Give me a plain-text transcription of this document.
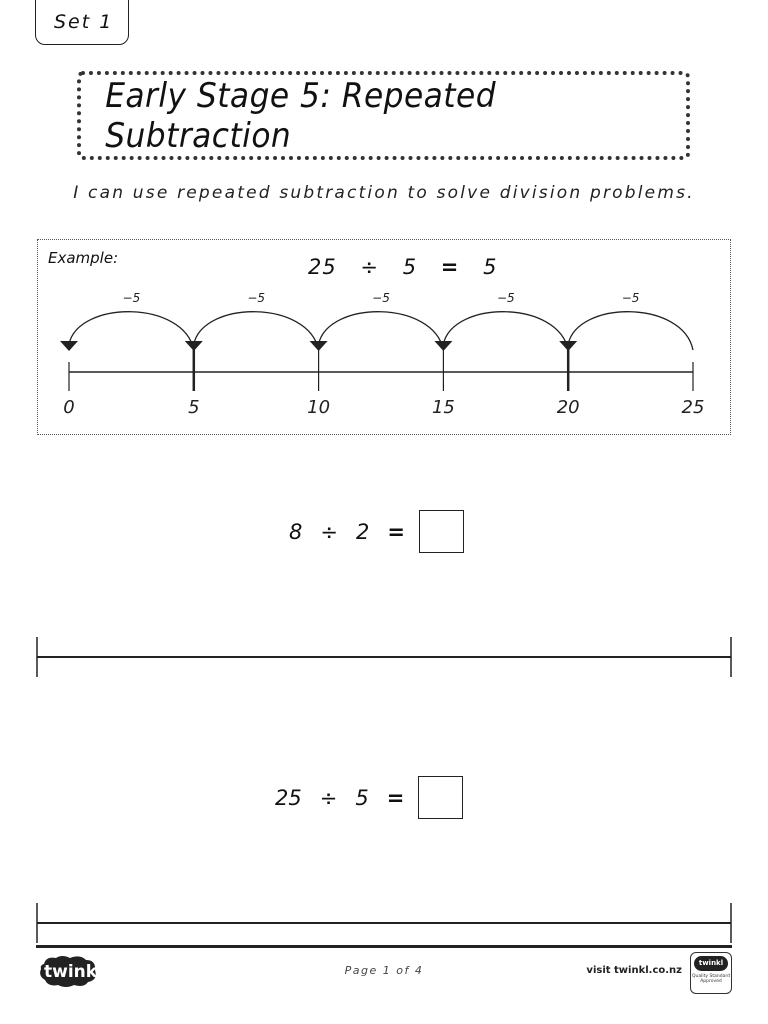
Set 1
Early Stage 5: Repeated Subtraction
I can use repeated subtraction to solve division problems.
Example:	25 ÷ 5 = 5
0	5	10	15	20	25
−5	−5	−5	−5	−5
8 ÷ 2 =
25 ÷ 5 =
twinkl	Page 1 of 4	visit twinkl.co.nz
twinkl
Quality Standard
Approved
